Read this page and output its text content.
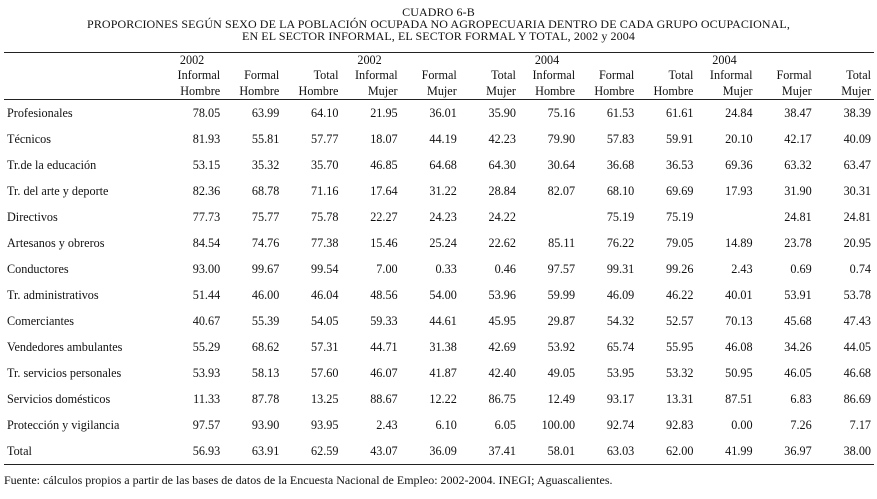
CUADRO 6-B
PROPORCIONES SEGÚN SEXO DE LA POBLACIÓN OCUPADA NO AGROPECUARIA DENTRO DE CADA GRUPO OCUPACIONAL,
EN EL SECTOR INFORMAL, EL SECTOR FORMAL Y TOTAL, 2002 y 2004
	2002			2002			2004			2004		
	Informal	Formal	Total	Informal	Formal	Total	Informal	Formal	Total	Informal	Formal	Total
	Hombre	Hombre	Hombre	Mujer	Mujer	Mujer	Hombre	Hombre	Hombre	Mujer	Mujer	Mujer
Profesionales	78.05	63.99	64.10	21.95	36.01	35.90	75.16	61.53	61.61	24.84	38.47	38.39
Técnicos	81.93	55.81	57.77	18.07	44.19	42.23	79.90	57.83	59.91	20.10	42.17	40.09
Tr.de la educación	53.15	35.32	35.70	46.85	64.68	64.30	30.64	36.68	36.53	69.36	63.32	63.47
Tr. del arte y deporte	82.36	68.78	71.16	17.64	31.22	28.84	82.07	68.10	69.69	17.93	31.90	30.31
Directivos	77.73	75.77	75.78	22.27	24.23	24.22		75.19	75.19		24.81	24.81
Artesanos y obreros	84.54	74.76	77.38	15.46	25.24	22.62	85.11	76.22	79.05	14.89	23.78	20.95
Conductores	93.00	99.67	99.54	7.00	0.33	0.46	97.57	99.31	99.26	2.43	0.69	0.74
Tr. administrativos	51.44	46.00	46.04	48.56	54.00	53.96	59.99	46.09	46.22	40.01	53.91	53.78
Comerciantes	40.67	55.39	54.05	59.33	44.61	45.95	29.87	54.32	52.57	70.13	45.68	47.43
Vendedores ambulantes	55.29	68.62	57.31	44.71	31.38	42.69	53.92	65.74	55.95	46.08	34.26	44.05
Tr. servicios personales	53.93	58.13	57.60	46.07	41.87	42.40	49.05	53.95	53.32	50.95	46.05	46.68
Servicios domésticos	11.33	87.78	13.25	88.67	12.22	86.75	12.49	93.17	13.31	87.51	6.83	86.69
Protección y vigilancia	97.57	93.90	93.95	2.43	6.10	6.05	100.00	92.74	92.83	0.00	7.26	7.17
Total	56.93	63.91	62.59	43.07	36.09	37.41	58.01	63.03	62.00	41.99	36.97	38.00
Fuente: cálculos propios a partir de las bases de datos de la Encuesta Nacional de Empleo: 2002-2004. INEGI; Aguascalientes.
